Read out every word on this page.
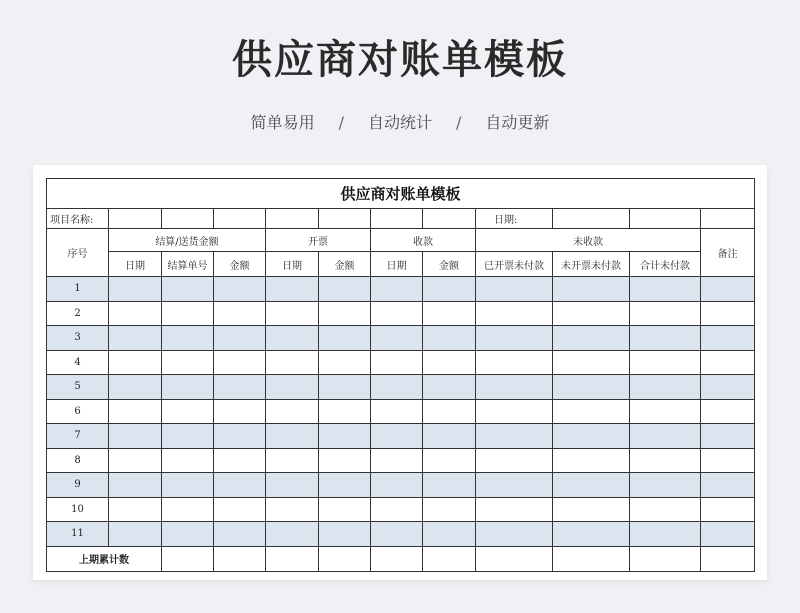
供应商对账单模板
简单易用 / 自动统计 / 自动更新
供应商对账单模板											
项目名称:								日期:			
序号	结算/送货金额			开票		收款		未收款			备注
	日期	结算单号	金额	日期	金额	日期	金额	已开票未付款	未开票未付款	合计未付款	
1											
2											
3											
4											
5											
6											
7											
8											
9											
10											
11											
上期累计数											
